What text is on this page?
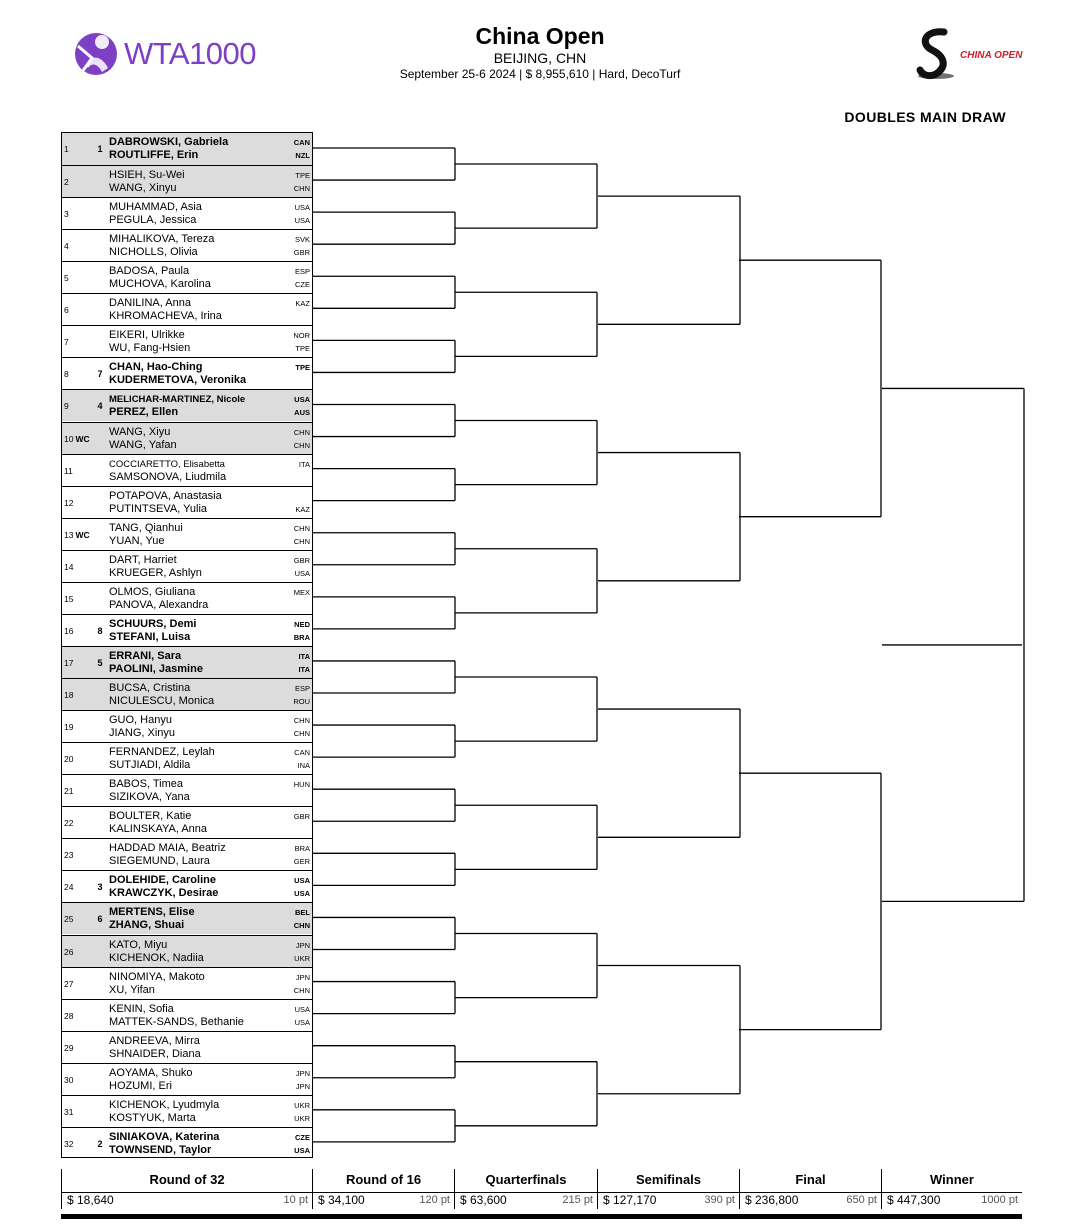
WTA1000	China Open
BEIJING, CHN
September 25-6 2024 | $ 8,955,610 | Hard, DecoTurf
CHINA OPEN
DOUBLES MAIN DRAW
1	1
DABROWSKI, Gabriela	CAN
ROUTLIFFE, Erin	NZL
2
HSIEH, Su-Wei	TPE
WANG, Xinyu	CHN
3
MUHAMMAD, Asia	USA
PEGULA, Jessica	USA
4
MIHALIKOVA, Tereza	SVK
NICHOLLS, Olivia	GBR
5
BADOSA, Paula	ESP
MUCHOVA, Karolina	CZE
6
DANILINA, Anna	KAZ
KHROMACHEVA, Irina
7
EIKERI, Ulrikke	NOR
WU, Fang-Hsien	TPE
8	7
CHAN, Hao-Ching	TPE
KUDERMETOVA, Veronika
9	4
MELICHAR-MARTINEZ, Nicole	USA
PEREZ, Ellen	AUS
10 WC
WANG, Xiyu	CHN
WANG, Yafan	CHN
11
COCCIARETTO, Elisabetta	ITA
SAMSONOVA, Liudmila
12
POTAPOVA, Anastasia
PUTINTSEVA, Yulia	KAZ
13 WC
TANG, Qianhui	CHN
YUAN, Yue	CHN
14
DART, Harriet	GBR
KRUEGER, Ashlyn	USA
15
OLMOS, Giuliana	MEX
PANOVA, Alexandra
16	8
SCHUURS, Demi	NED
STEFANI, Luisa	BRA
17	5
ERRANI, Sara	ITA
PAOLINI, Jasmine	ITA
18
BUCSA, Cristina	ESP
NICULESCU, Monica	ROU
19
GUO, Hanyu	CHN
JIANG, Xinyu	CHN
20
FERNANDEZ, Leylah	CAN
SUTJIADI, Aldila	INA
21
BABOS, Timea	HUN
SIZIKOVA, Yana
22
BOULTER, Katie	GBR
KALINSKAYA, Anna
23
HADDAD MAIA, Beatriz	BRA
SIEGEMUND, Laura	GER
24	3
DOLEHIDE, Caroline	USA
KRAWCZYK, Desirae	USA
25	6
MERTENS, Elise	BEL
ZHANG, Shuai	CHN
26
KATO, Miyu	JPN
KICHENOK, Nadiia	UKR
27
NINOMIYA, Makoto	JPN
XU, Yifan	CHN
28
KENIN, Sofia	USA
MATTEK-SANDS, Bethanie	USA
29
ANDREEVA, Mirra
SHNAIDER, Diana
30
AOYAMA, Shuko	JPN
HOZUMI, Eri	JPN
31
KICHENOK, Lyudmyla	UKR
KOSTYUK, Marta	UKR
32	2
SINIAKOVA, Katerina	CZE
TOWNSEND, Taylor	USA
Round of 32
$ 18,640	10 pt
Round of 16
$ 34,100	120 pt
Quarterfinals
$ 63,600	215 pt
Semifinals
$ 127,170	390 pt
Final
$ 236,800	650 pt
Winner
$ 447,300	1000 pt
